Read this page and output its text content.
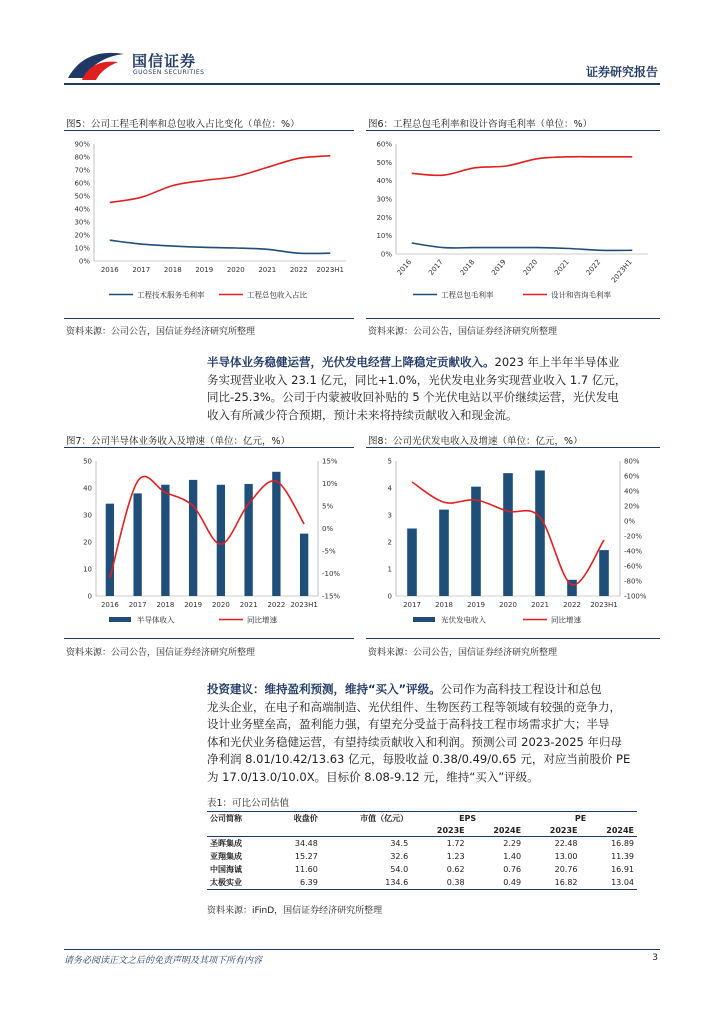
国信证券
GUOSEN SECURITIES	证券研究报告
图5：公司工程毛利率和总包收入占比变化（单位：%）
0%
10%
20%
30%
40%
50%
60%
70%
80%
90%
2016 2017 2018 2019 2020 2021 2022 2023H1
工程技术服务毛利率	工程总包收入占比
资料来源：公司公告，国信证券经济研究所整理
图6：工程总包毛利率和设计咨询毛利率（单位：%）
0%
10%
20%
30%
40%
50%
60%
2016 2017 2018 2019 2020 2021 2022 2023H1
工程总包毛利率	设计和咨询毛利率
资料来源：公司公告，国信证券经济研究所整理
半导体业务稳健运营，光伏发电经营上降稳定贡献收入。2023 年上半年半导体业
务实现营业收入 23.1 亿元，同比+1.0%，光伏发电业务实现营业收入 1.7 亿元，
同比-25.3%。公司于内蒙被收回补贴的 5 个光伏电站以平价继续运营，光伏发电
收入有所减少符合预期，预计未来将持续贡献收入和现金流。
图7：公司半导体业务收入及增速（单位：亿元，%）
0
10
20
30
40
50
-15%
-10%
-5%
0%
5%
10%
15%
2016 2017 2018 2019 2020 2021 2022 2023H1
半导体收入	同比增速
资料来源：公司公告，国信证券经济研究所整理
图8：公司光伏发电收入及增速（单位：亿元，%）
0
1
2
3
4
5
-100%
-80%
-60%
-40%
-20%
0%
20%
40%
60%
80%
2017 2018 2019 2020 2021 2022 2023H1
光伏发电收入	同比增速
资料来源：公司公告，国信证券经济研究所整理
投资建议：维持盈利预测，维持“买入”评级。公司作为高科技工程设计和总包
龙头企业，在电子和高端制造、光伏组件、生物医药工程等领域有较强的竞争力，
设计业务壁垒高，盈利能力强，有望充分受益于高科技工程市场需求扩大；半导
体和光伏业务稳健运营，有望持续贡献收入和利润。预测公司 2023-2025 年归母
净利润 8.01/10.42/13.63 亿元，每股收益 0.38/0.49/0.65 元，对应当前股价 PE
为 17.0/13.0/10.0X。目标价 8.08-9.12 元，维持“买入”评级。
表1：可比公司估值
公司简称	收盘价	市值（亿元）	EPS		PE	
			2023E	2024E	2023E	2024E
圣晖集成	34.48	34.5	1.72	2.29	22.48	16.89
亚翔集成	15.27	32.6	1.23	1.40	13.00	11.39
中国海诚	11.60	54.0	0.62	0.76	20.76	16.91
太极实业	6.39	134.6	0.38	0.49	16.82	13.04
资料来源：iFinD，国信证券经济研究所整理
请务必阅读正文之后的免责声明及其项下所有内容	3
